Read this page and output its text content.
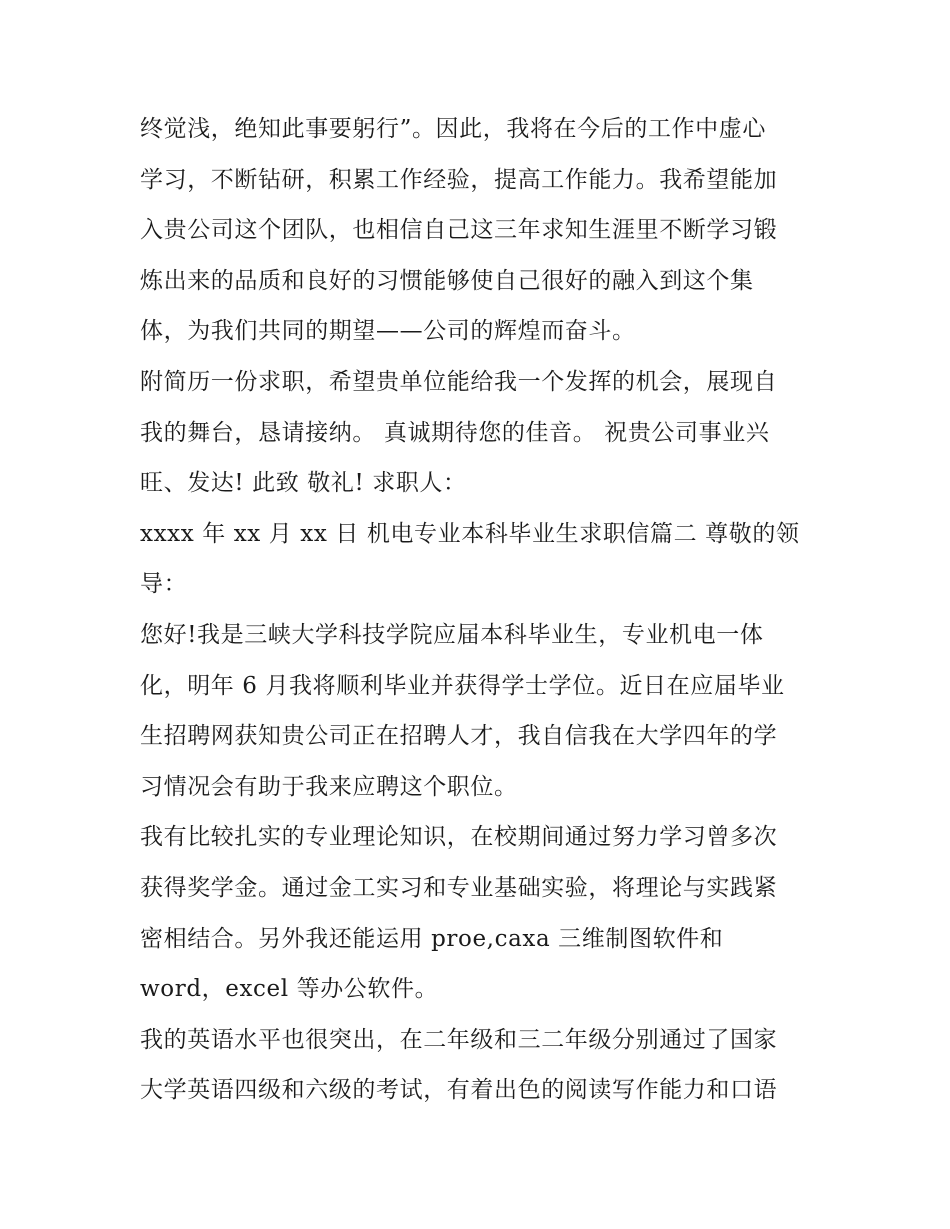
终觉浅，绝知此事要躬行”。因此，我将在今后的工作中虚心
学习，不断钻研，积累工作经验，提高工作能力。我希望能加
入贵公司这个团队，也相信自己这三年求知生涯里不断学习锻
炼出来的品质和良好的习惯能够使自己很好的融入到这个集
体，为我们共同的期望——公司的辉煌而奋斗。
附简历一份求职，希望贵单位能给我一个发挥的机会，展现自
我的舞台，恳请接纳。 真诚期待您的佳音。 祝贵公司事业兴
旺、发达! 此致 敬礼! 求职人：
xxxx 年 xx 月 xx 日 机电专业本科毕业生求职信篇二 尊敬的领
导：
您好!我是三峡大学科技学院应届本科毕业生，专业机电一体
化，明年 6 月我将顺利毕业并获得学士学位。近日在应届毕业
生招聘网获知贵公司正在招聘人才，我自信我在大学四年的学
习情况会有助于我来应聘这个职位。
我有比较扎实的专业理论知识，在校期间通过努力学习曾多次
获得奖学金。通过金工实习和专业基础实验，将理论与实践紧
密相结合。另外我还能运用 proe,caxa 三维制图软件和
word，excel 等办公软件。
我的英语水平也很突出，在二年级和三二年级分别通过了国家
大学英语四级和六级的考试，有着出色的阅读写作能力和口语
